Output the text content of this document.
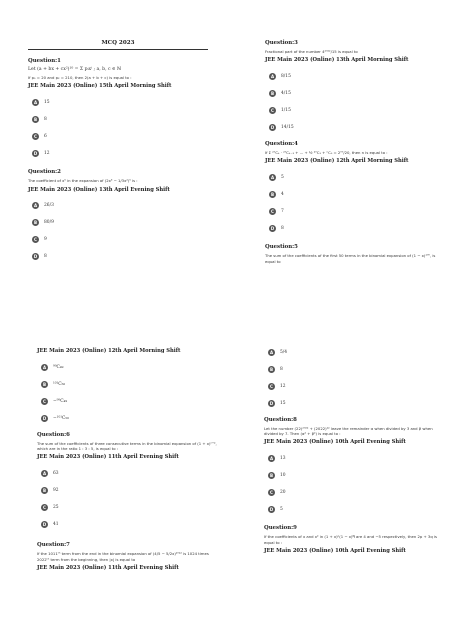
MCQ 2023
Question:1
Let (a + bx + cx²)¹⁰ = Σ pᵢxⁱ ; a, b, c ∈ ℕ
If p₁ = 20 and p₂ = 210, then 2(a + b + c) is equal to :
JEE Main 2023 (Online) 15th April Morning Shift
A	15
B	8
C	6
D	12
Question:2
The coefficient of x⁵ in the expansion of (2x³ − 1/3x²)⁵ is :
JEE Main 2023 (Online) 13th April Evening Shift
A	26/3
B	80/9
C	9
D	8
Question:3
Fractional part of the number 4²⁰²²/15 is equal to
JEE Main 2023 (Online) 13th April Morning Shift
A	8/15
B	4/15
C	1/15
D	14/15
Question:4
If Σ ²⁰Cₖ · ²⁰Cₖ₋₁ + ... + ½ ²⁰C₁ + ⁿC₀ = 2⁰⁰/20, then n is equal to :
JEE Main 2023 (Online) 12th April Morning Shift
A	5
B	4
C	7
D	8
Question:5
The sum of the coefficients of the first 50 terms in the binomial expansion of (1 − x)¹⁰⁰, is equal to
JEE Main 2023 (Online) 12th April Morning Shift
A	⁹⁹C₄₉
B	¹⁰¹C₅₀
C	−⁹⁹C₄₉
D	−¹⁰¹C₅₀
Question:6
The sum of the coefficients of three consecutive terms in the binomial expansion of (1 + x)ⁿ⁺², which are in the ratio 1 : 3 : 5, is equal to :
JEE Main 2023 (Online) 11th April Evening Shift
A	63
B	92
C	25
D	41
Question:7
If the 1011ᵗʰ term from the end in the binomial expansion of (4/5 − 5/2x)²⁰²² is 1024 times 2022ᵗʰ term from the beginning, then |x| is equal to
JEE Main 2023 (Online) 11th April Evening Shift
A	5/4
B	8
C	12
D	15
Question:8
Let the number (22)²⁰²² + (2022)²² leave the remainder α when divided by 3 and β when divided by 7. Then (α² + β²) is equal to :
JEE Main 2023 (Online) 10th April Evening Shift
A	13
B	10
C	20
D	5
Question:9
If the coefficients of x and x² in (1 + x)ᵖ(1 − x)ᑫ are 4 and −5 respectively, then 2p + 3q is equal to :
JEE Main 2023 (Online) 10th April Evening Shift
